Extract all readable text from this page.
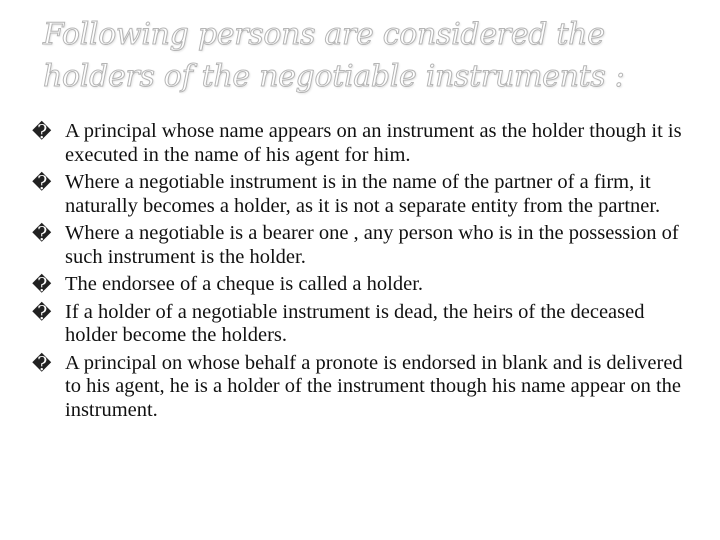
Following persons are considered the
holders of the negotiable instruments :
� A principal whose name appears on an instrument as the holder though it is executed in the name of his agent for him.
� Where a negotiable instrument is in the name of the partner of a firm, it naturally becomes a holder, as it is not a separate entity from the partner.
� Where a negotiable is a bearer one , any person who is in the possession of such instrument is the holder.
� The endorsee of a cheque is called a holder.
� If a holder of a negotiable instrument is dead, the heirs of the deceased holder become the holders.
� A principal on whose behalf a pronote is endorsed in blank and is delivered to his agent, he is a holder of the instrument though his name appear on the instrument.
